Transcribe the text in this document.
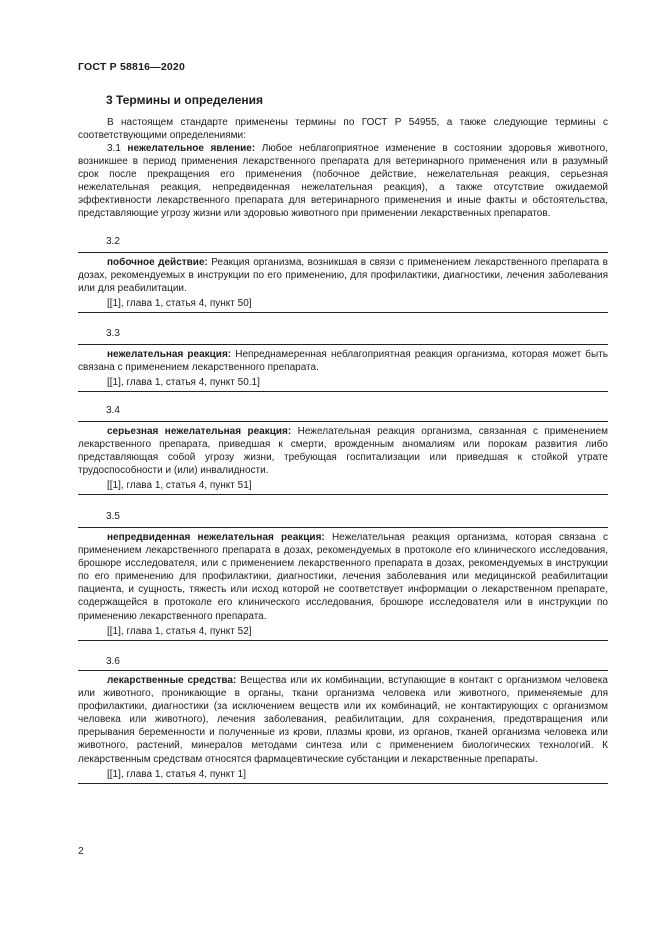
ГОСТ Р 58816—2020
3 Термины и определения
В настоящем стандарте применены термины по ГОСТ Р 54955, а также следующие термины с соответствующими определениями:
3.1 нежелательное явление: Любое неблагоприятное изменение в состоянии здоровья животного, возникшее в период применения лекарственного препарата для ветеринарного применения или в разумный срок после прекращения его применения (побочное действие, нежелательная реакция, серьезная нежелательная реакция, непредвиденная нежелательная реакция), а также отсутствие ожидаемой эффективности лекарственного препарата для ветеринарного применения и иные факты и обстоятельства, представляющие угрозу жизни или здоровью животного при применении лекарственных препаратов.
3.2

побочное действие: Реакция организма, возникшая в связи с применением лекарственного препарата в дозах, рекомендуемых в инструкции по его применению, для профилактики, диагностики, лечения заболевания или для реабилитации.

[[1], глава 1, статья 4, пункт 50]

3.3

нежелательная реакция: Непреднамеренная неблагоприятная реакция организма, которая может быть связана с применением лекарственного препарата.

[[1], глава 1, статья 4, пункт 50.1]

3.4

серьезная нежелательная реакция: Нежелательная реакция организма, связанная с применением лекарственного препарата, приведшая к смерти, врожденным аномалиям или порокам развития либо представляющая собой угрозу жизни, требующая госпитализации или приведшая к стойкой утрате трудоспособности и (или) инвалидности.

[[1], глава 1, статья 4, пункт 51]

3.5

непредвиденная нежелательная реакция: Нежелательная реакция организма, которая связана с применением лекарственного препарата в дозах, рекомендуемых в протоколе его клинического исследования, брошюре исследователя, или с применением лекарственного препарата в дозах, рекомендуемых в инструкции по его применению для профилактики, диагностики, лечения заболевания или медицинской реабилитации пациента, и сущность, тяжесть или исход которой не соответствует информации о лекарственном препарате, содержащейся в протоколе его клинического исследования, брошюре исследователя или в инструкции по применению лекарственного препарата.

[[1], глава 1, статья 4, пункт 52]

3.6

лекарственные средства: Вещества или их комбинации, вступающие в контакт с организмом человека или животного, проникающие в органы, ткани организма человека или животного, применяемые для профилактики, диагностики (за исключением веществ или их комбинаций, не контактирующих с организмом человека или животного), лечения заболевания, реабилитации, для сохранения, предотвращения или прерывания беременности и полученные из крови, плазмы крови, из органов, тканей организма человека или животного, растений, минералов методами синтеза или с применением биологических технологий. К лекарственным средствам относятся фармацевтические субстанции и лекарственные препараты.

[[1], глава 1, статья 4, пункт 1]

2
